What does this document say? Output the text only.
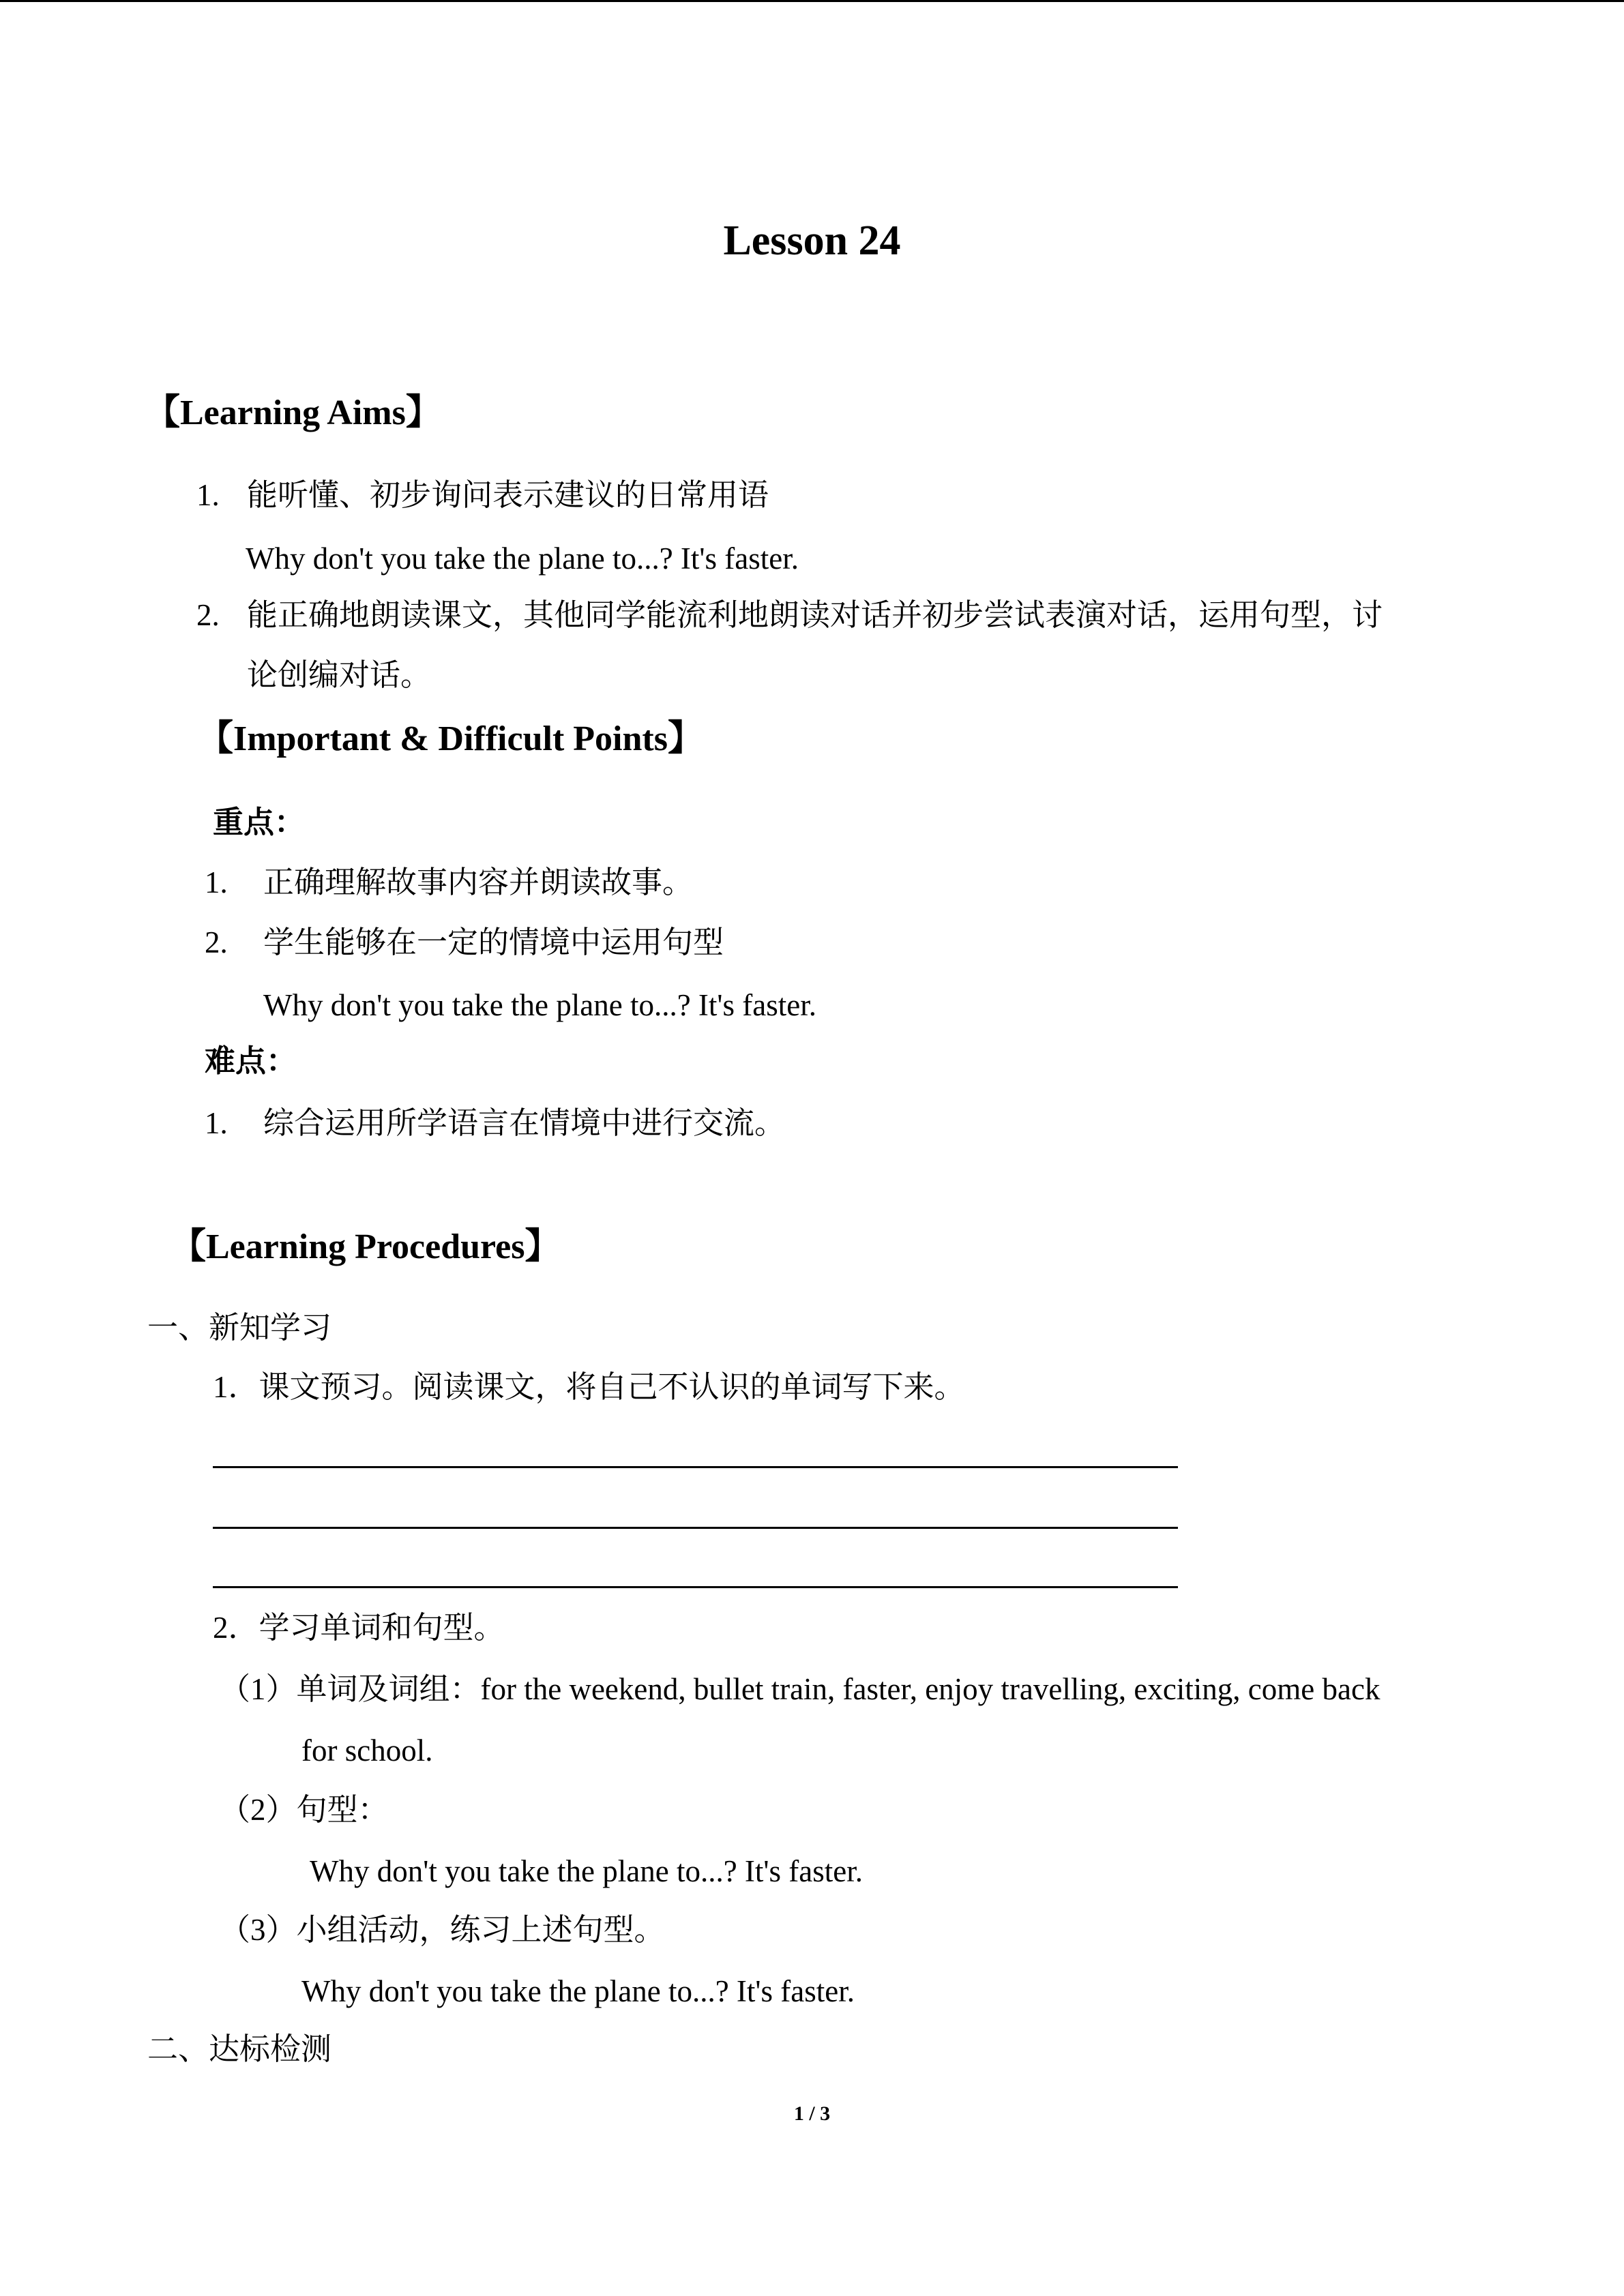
Lesson 24
【Learning Aims】
1. 能听懂、初步询问表示建议的日常用语
Why don't you take the plane to...? It's faster.
2. 能正确地朗读课文，其他同学能流利地朗读对话并初步尝试表演对话，运用句型，讨
论创编对话。
【Important & Difficult Points】
重点：
1. 正确理解故事内容并朗读故事。
2. 学生能够在一定的情境中运用句型
Why don't you take the plane to...? It's faster.
难点：
1. 综合运用所学语言在情境中进行交流。
【Learning Procedures】
一、新知学习
1．课文预习。阅读课文，将自己不认识的单词写下来。
2．学习单词和句型。
（1）单词及词组：for the weekend, bullet train, faster, enjoy travelling, exciting, come back
for school.
（2）句型：
Why don't you take the plane to...? It's faster.
（3）小组活动，练习上述句型。
Why don't you take the plane to...? It's faster.
二、达标检测
1 / 3
